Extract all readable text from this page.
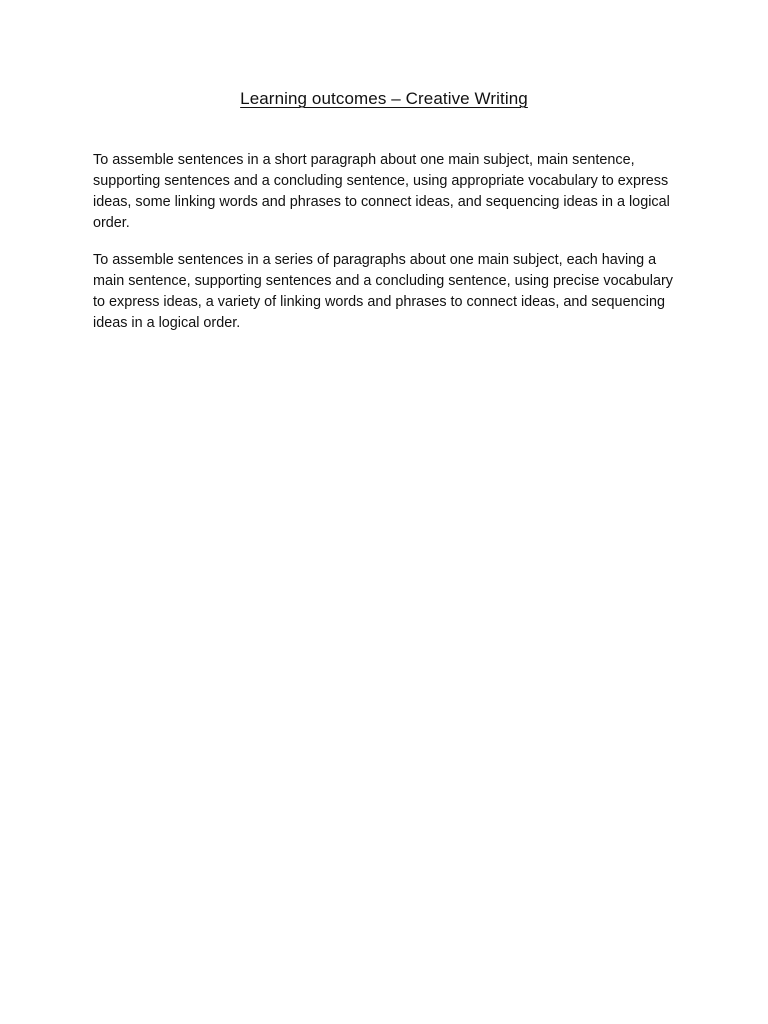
Learning outcomes – Creative Writing
To assemble sentences in a short paragraph about one main subject, main sentence, supporting sentences and a concluding sentence, using appropriate vocabulary to express ideas, some linking words and phrases to connect ideas, and sequencing ideas in a logical order.
To assemble sentences in a series of paragraphs about one main subject, each having a main sentence, supporting sentences and a concluding sentence, using precise vocabulary to express ideas, a variety of linking words and phrases to connect ideas, and sequencing ideas in a logical order.
